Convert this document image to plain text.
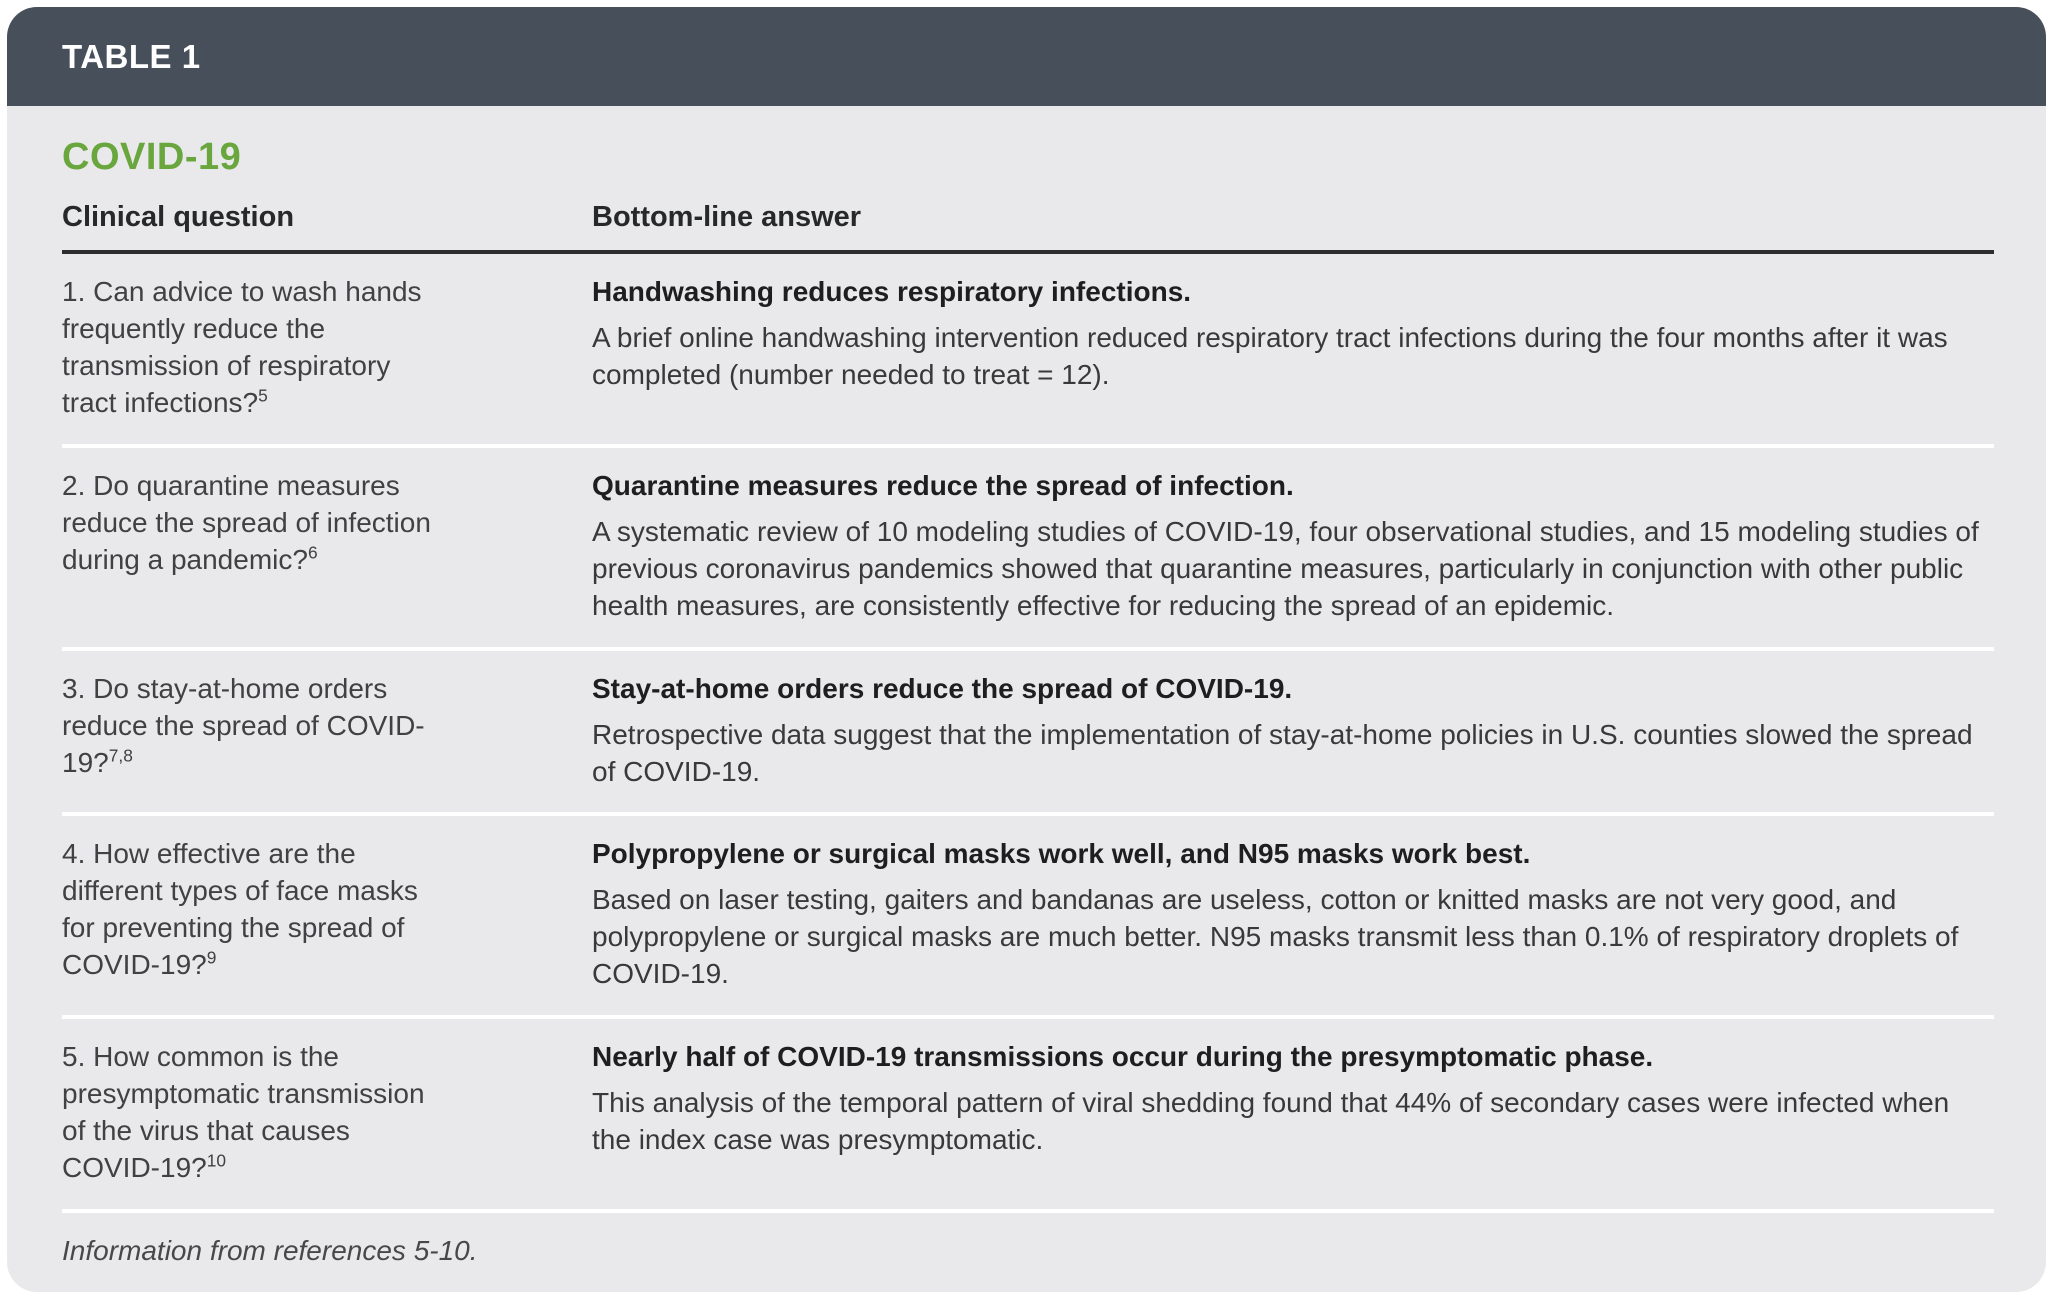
TABLE 1
COVID-19
Clinical question	Bottom-line answer
1. Can advice to wash hands frequently reduce the transmission of respiratory tract infections?$^5$
Handwashing reduces respiratory infections.
A brief online handwashing intervention reduced respiratory tract infections during the four months after it was completed (number needed to treat = 12).
2. Do quarantine measures reduce the spread of infection during a pandemic?$^6$
Quarantine measures reduce the spread of infection.
A systematic review of 10 modeling studies of COVID-19, four observational studies, and 15 modeling studies of previous coronavirus pandemics showed that quarantine measures, particularly in conjunction with other public health measures, are consistently effective for reducing the spread of an epidemic.
3. Do stay-at-home orders reduce the spread of COVID-19?$^{7,8}$
Stay-at-home orders reduce the spread of COVID-19.
Retrospective data suggest that the implementation of stay-at-home policies in U.S. counties slowed the spread of COVID-19.
4. How effective are the different types of face masks for preventing the spread of COVID-19?$^9$
Polypropylene or surgical masks work well, and N95 masks work best.
Based on laser testing, gaiters and bandanas are useless, cotton or knitted masks are not very good, and polypropylene or surgical masks are much better. N95 masks transmit less than 0.1% of respiratory droplets of COVID-19.
5. How common is the presymptomatic transmission of the virus that causes COVID-19?$^{10}$
Nearly half of COVID-19 transmissions occur during the presymptomatic phase.
This analysis of the temporal pattern of viral shedding found that 44% of secondary cases were infected when the index case was presymptomatic.
Information from references 5-10.
